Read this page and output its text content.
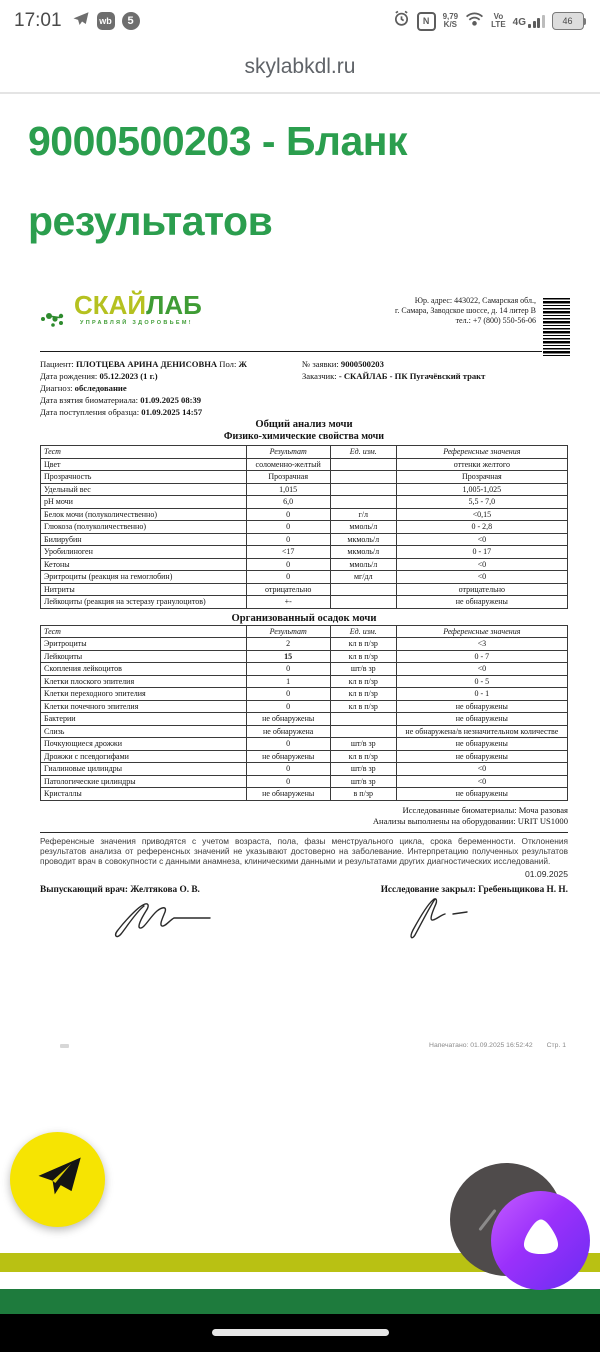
17:01	wb	5	N	9,79
K/S
Vo
LTE 4G	46
skylabkdl.ru
9000500203 - Бланк результатов
СКАЙЛАБ
УПРАВЛЯЙ ЗДОРОВЬЕМ!
Юр. адрес: 443022, Самарская обл.,
г. Самара, Заводское шоссе, д. 14 литер В
тел.: +7 (800) 550-56-06
Пациент: ПЛОТЦЕВА АРИНА ДЕНИСОВНА Пол: Ж
Дата рождения: 05.12.2023 (1 г.)
Диагноз: обследование
Дата взятия биоматериала: 01.09.2025 08:39
Дата поступления образца: 01.09.2025 14:57
№ заявки: 9000500203
Заказчик: - СКАЙЛАБ - ПК Пугачёвский тракт
Общий анализ мочи
Физико-химические свойства мочи
Тест	Результат	Ед. изм.	Референсные значения
Цвет	соломенно-желтый		оттенки желтого
Прозрачность	Прозрачная		Прозрачная
Удельный вес	1,015		1,005-1,025
pH мочи	6,0		5,5 - 7,0
Белок мочи (полуколичественно)	0	г/л	<0,15
Глюкоза (полуколичественно)	0	ммоль/л	0 - 2,8
Билирубин	0	мкмоль/л	<0
Уробилиноген	<17	мкмоль/л	0 - 17
Кетоны	0	ммоль/л	<0
Эритроциты (реакция на гемоглобин)	0	мг/дл	<0
Нитриты	отрицательно		отрицательно
Лейкоциты (реакция на эстеразу гранулоцитов)	+-		не обнаружены
Организованный осадок мочи
Тест	Результат	Ед. изм.	Референсные значения
Эритроциты	2	кл в п/зр	<3
Лейкоциты	15	кл в п/зр	0 - 7
Скопления лейкоцитов	0	шт/в зр	<0
Клетки плоского эпителия	1	кл в п/зр	0 - 5
Клетки переходного эпителия	0	кл в п/зр	0 - 1
Клетки почечного эпителия	0	кл в п/зр	не обнаружены
Бактерии	не обнаружены		не обнаружены
Слизь	не обнаружена		не обнаружена/в незначительном количестве
Почкующиеся дрожжи	0	шт/в зр	не обнаружены
Дрожжи с псевдогифами	не обнаружены	кл в п/зр	не обнаружены
Гиалиновые цилиндры	0	шт/в зр	<0
Патологические цилиндры	0	шт/в зр	<0
Кристаллы	не обнаружены	в п/зр	не обнаружены
Исследованные биоматериалы: Моча разовая
Анализы выполнены на оборудовании: URIT US1000
Референсные значения приводятся с учетом возраста, пола, фазы менструального цикла, срока беременности. Отклонения результатов анализа от референсных значений не указывают достоверно на заболевание. Интерпретацию полученных результатов проводит врач в совокупности с данными анамнеза, клиническими данными и результатами других диагностических исследований.
01.09.2025
Выпускающий врач: Желтякова О. В.	Исследование закрыл: Гребеньщикова Н. Н.
Напечатано: 01.09.2025 16:52:42 Стр. 1
